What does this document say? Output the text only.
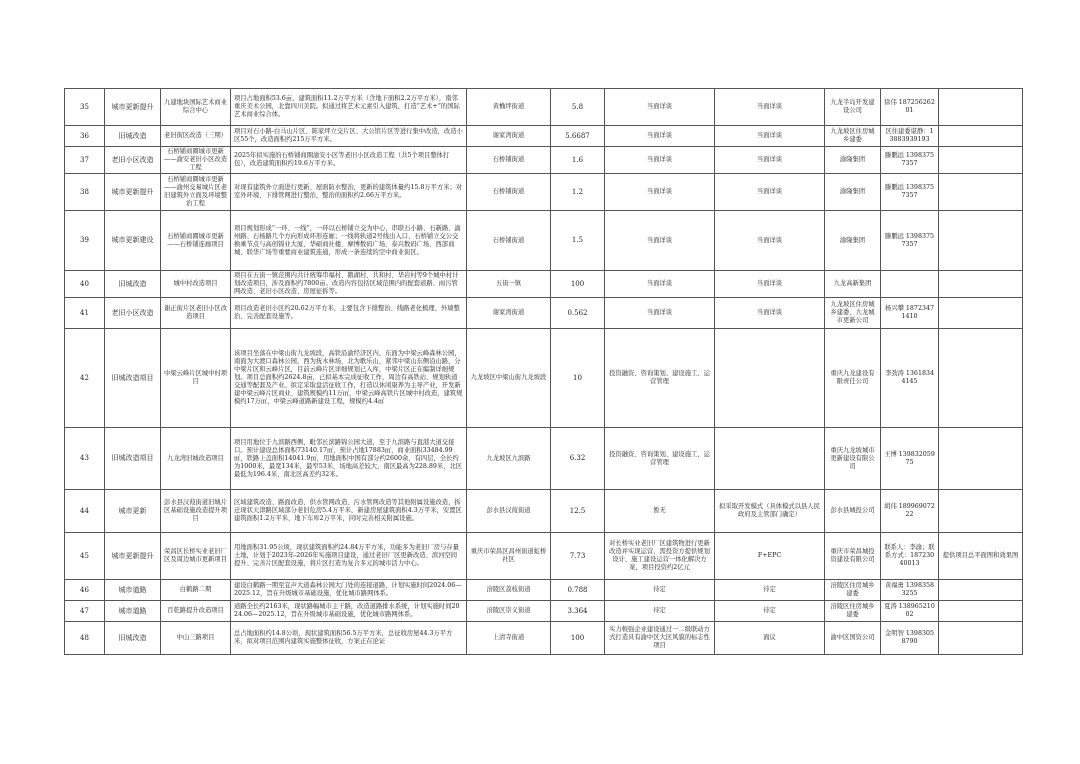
35	城市更新提升	九建地块国际艺术商业综合中心	项目占地面积53.6亩，建筑面积11.2万平方米（含地下面积2.2万平方米），南邻重庆美术公园，北靠四川美院。拟通过将艺术元素引入建筑，打造“艺术+”的国际艺术商业综合体。	黄桷坪街道	5.8	当面详谈	当面详谈	九龙半岛开发建设公司	徐伟 18725626201	
36	旧城改造	老旧街区改造（三期）	项目对石小路-白马山片区、陈家坪立交片区、大公馆片区等进行集中改造，改造小区55个，改造面积约215万平方米。	谢家湾街道	5.6687	当面详谈	当面详谈	九龙坡区住房城乡建委	区住建委谌静：13883939193	
37	老旧小区改造	石桥铺商圈城市更新——渝安老旧小区改造工程	2025年拟实施的石桥铺商圈渝安小区等老旧小区改造工程（共5个项目整体打包），改造建筑面积约19.6万平方米。	石桥铺街道	1.6	当面详谈	当面详谈	渝隆集团	滕鹏远 13983757357	
38	城市更新提升	石桥铺商圈城市更新——渝州交易城片区老旧建筑外立面及环境整治工程	对现有建筑外立面进行更新、屋面防水整治，更新的建筑体量约15.8万平方米；对室外环境、下排管网进行整治，整治的面积约2.66万平方米。	石桥铺街道	1.2	当面详谈	当面详谈	渝隆集团	滕鹏远 13983757357	
39	城市更新建设	石桥铺商圈城市更新——石桥铺连廊项目	项目规划形成“一环、一线”，一环以石桥铺立交为中心，串联石小路、石新路、渝州路、石杨路几个方向形成环形连廊；一线将轨道2号线出入口、石桥铺立交公交换乘节点与高创锦业大厦、华硕商社楼、摩博数码广场、泰兴数码广场、西部商城、联华广场等重要商业建筑连通，形成一条连续的空中商业街区。	石桥铺街道	1.5	当面详谈	当面详谈	渝隆集团	滕鹏远 13983757357	
40	旧城改造	城中村改造项目	项目在五街一镇范围内共计统筹串福村、鹅湖村、共和村、华岩村等9个城中村计划改造项目，涉及面积约7800亩。改造内容包括区域范围内的配套道路、雨污管网改造、老旧小区改造、房屋征拆等。	五街一镇	100	当面详谈	当面详谈	九龙高新集团		
41	老旧小区改造	谢正街片区老旧小区改造项目	项目改造老旧小区约20.62万平方米，主要包含下排整治、线路老化梳理、外墙整治、完善配套设施等。	谢家湾街道	0.562	当面详谈	当面详谈	九龙坡区住房城乡建委、九龙城市更新公司	杨兴攀 18723471410	
42	旧城改造项目	中梁云峰片区城中村项目	该项目坐落在中梁山街九龙坡段，高铁沿渝经济区内，东面为中梁云峰森林公园，南面为大渡口森林公园，西为抚木林场，北为歌乐山，紧邻中梁山东侧沿山路，分中梁片区和云峰片区，目前云峰片区详细规划已入库，中梁片区正在编制详细规划。项目总面积约2624.8亩，已拟基本完成征收工作，周边有高铁站、规划轨道交通等配套及产业。拟定采取盘活征收工作，打造以休闲康养为主导产业，开发新建中梁云峰片区商业、建筑规模约11万㎡，中梁云峰高铁片区城中村改造，建筑规模约17万㎡，中梁云峰道路新建设工程，规模约4.4㎡	九龙坡区中梁山街九龙坡段	10	投资融资、咨询策划、建设施工、运营管理		重庆九龙建设有限责任公司	李劲涛 13618344145	
43	旧城改造项目	九龙湾旧城改造项目	项目用地位于九滨路西侧，毗邻长滨路锦公园大道，至于九滨路与直港大道交接口。预计建设总体面积73140.17㎡，预计占地17883㎡，商业面积33484.99㎡，铁路上盖面积14041.9㎡，用地面积中国有部分约2600余，有四层，全长约为1000米，最宽134米，最窄53米，场地高差较大，南区最高为228.89米，北区最低为196.4米，南北区高差约32米。	九龙坡区九滨路	6.32	投资融资、咨询策划、建设施工、运营管理		重庆九龙坡城市更新建设有限公司	王博 13983205975	
44	城市更新	彭水县汉葭街道旧城片区基础设施改造提升项目	区域建筑改造、路面改造、供水管网改造、污水管网改造等其他附属设施改造，拆迁现状天津路区域部分老旧危房5.4万平米，新建房屋建筑面积4.3万平米，安置区建筑面积1.2万平米，地下车库2万平米，同时完善相关附属设施。	彭水县汉葭街道	12.5	暂无	拟采取开发模式（具体模式以县人民政府及主管部门确定）	彭水县城投公司	胡伟 18996907222	
45	城市更新提升	荣昌区长桥实业老旧厂区及周边城市更新项目	用地面积31.95公顷，现状建筑面积约24.84万平方米，功能多为老旧厂房与存量土地，计划于2023年-2026年实施项目建设，通过老旧厂区更新改造、滨河空间提升、完善片区配套设施，将片区打造为复合多元的城市活力中心。	重庆市荣昌区昌州街道虹桥社区	7.73	对长桥实业老旧厂区建筑物进行更新改造并实现运营，需投资方提供规划设计、施工建设运营一体化解决方案，项目投资约2亿元	F+EPC	重庆市荣昌城投资建设有限公司	联系人：李渝；联系方式：18723040013	提供项目总平面图和效果图
46	城市道路	白鹤路二期	建设白鹤路一期至宜声大道森林公园大门处的连接道路，计划实施时间2024.06—2025.12，旨在升级城市基础设施，优化城市路网体系。	涪陵区荔枝街道	0.788	待定	待定	涪陵区住房城乡建委	黄福勇 13983583255	
47	城市道路	百乾路提升改造项目	道路全长约2163米，现状路幅城市主干路，改造道路排水系统，计划实施时间2024.06—2025.12，旨在升级城市基础设施，优化城市路网体系。	涪陵区崇义街道	3.364	待定	待定	涪陵区住房城乡建委	夏涛 13896521002	
48	旧城改造	中山三路项目	总占地面积约14.8公顷，现状建筑面积56.5万平方米，总征收房屋44.3万平方米，拟对项目范围内建筑实施整体征收，方案正在论证	上清寺街道	100	实力較强企业建设通过一二级联动方式打造具有渝中区大区风貌的标志性项目	面议	渝中区国资公司	金明智 13983058790	
